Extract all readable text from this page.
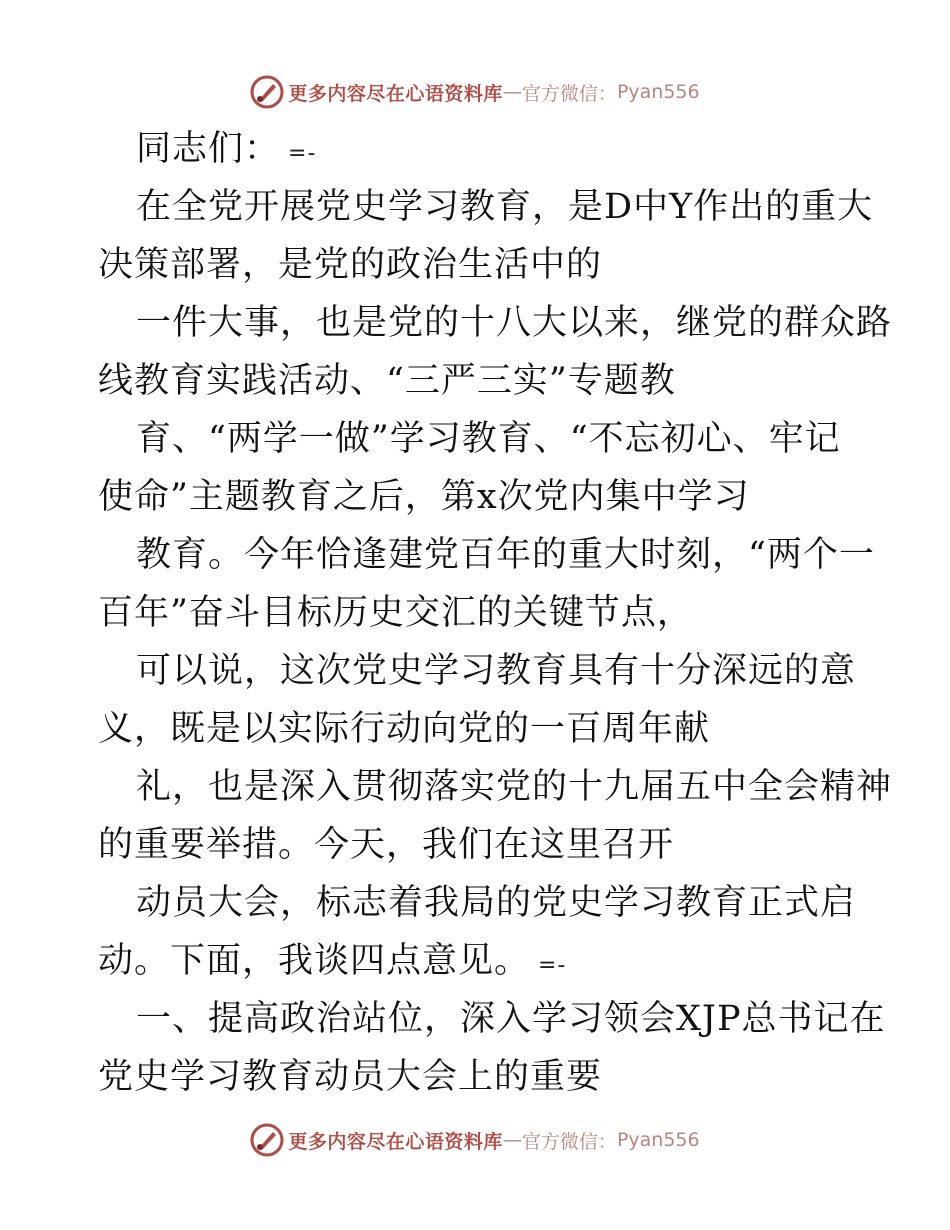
更多内容尽在心语资料库 — 官方微信： Pyan556
同志们： =-
在全党开展党史学习教育，是D中Y作出的重大
决策部署，是党的政治生活中的
一件大事，也是党的十八大以来，继党的群众路
线教育实践活动、“三严三实”专题教
育、“两学一做”学习教育、“不忘初心、牢记
使命”主题教育之后，第x次党内集中学习
教育。今年恰逢建党百年的重大时刻，“两个一
百年”奋斗目标历史交汇的关键节点，
可以说，这次党史学习教育具有十分深远的意
义，既是以实际行动向党的一百周年献
礼，也是深入贯彻落实党的十九届五中全会精神
的重要举措。今天，我们在这里召开
动员大会，标志着我局的党史学习教育正式启
动。下面，我谈四点意见。 =-
一、提高政治站位，深入学习领会XJP总书记在
党史学习教育动员大会上的重要
更多内容尽在心语资料库 — 官方微信： Pyan556
